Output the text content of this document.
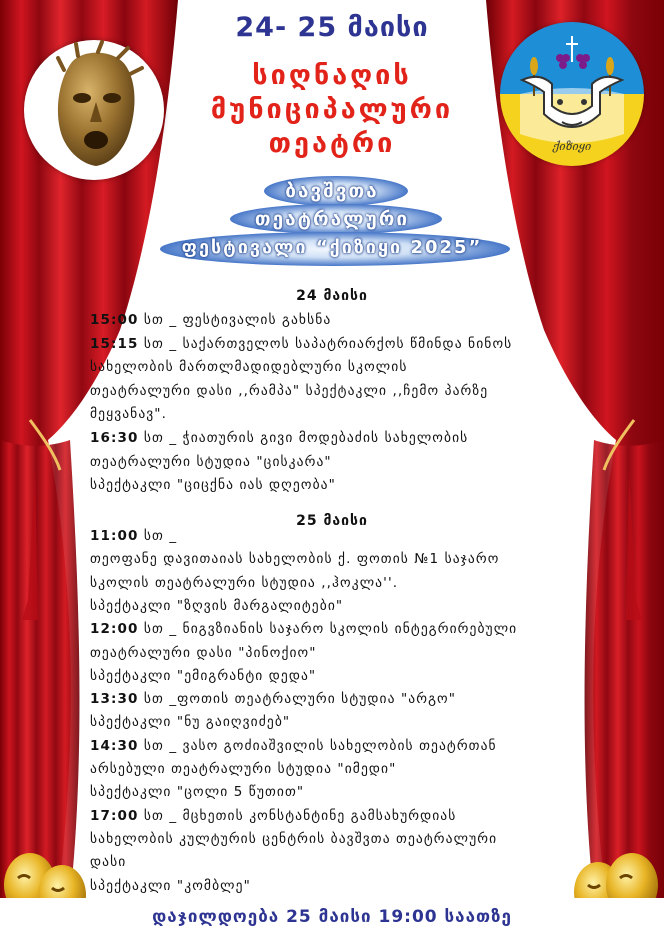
ქიზიყი
24- 25 მაისი
სიღნაღის
მუნიციპალური
თეატრი
ბავშვთა
თეატრალური
ფესტივალი “ქიზიყი 2025”
24 მაისი
15:00 სთ _ ფესტივალის გახსნა
15:15 სთ _ საქართველოს საპატრიარქოს წმინდა ნინოს
სახელობის მართლმადიდებლური სკოლის
თეატრალური დასი ,,რამპა" სპექტაკლი ,,ჩემო პარზე
მეყვანავ".
16:30 სთ _ ჭიათურის გივი მოდებაძის სახელობის
თეატრალური სტუდია "ცისკარა"
სპექტაკლი "ციცქნა იას დღეობა"
25 მაისი
11:00 სთ _
თეოფანე დავითაიას სახელობის ქ. ფოთის №1 საჯარო
სკოლის თეატრალური სტუდია ,,ჰოკლა''.
სპექტაკლი "ზღვის მარგალიტები"
12:00 სთ _ ნიგვზიანის საჯარო სკოლის ინტეგრირებული
თეატრალური დასი "პინოქიო"
სპექტაკლი "ემიგრანტი დედა"
13:30 სთ _ფოთის თეატრალური სტუდია "არგო"
სპექტაკლი "ნუ გაიღვიძებ"
14:30 სთ _ ვასო გოძიაშვილის სახელობის თეატრთან
არსებული თეატრალური სტუდია "იმედი"
სპექტაკლი "ცოლი 5 წუთით"
17:00 სთ _ მცხეთის კონსტანტინე გამსახურდიას
სახელობის კულტურის ცენტრის ბავშვთა თეატრალური
დასი
სპექტაკლი "კომბლე"
დაჯილდოება 25 მაისი 19:00 საათზე
